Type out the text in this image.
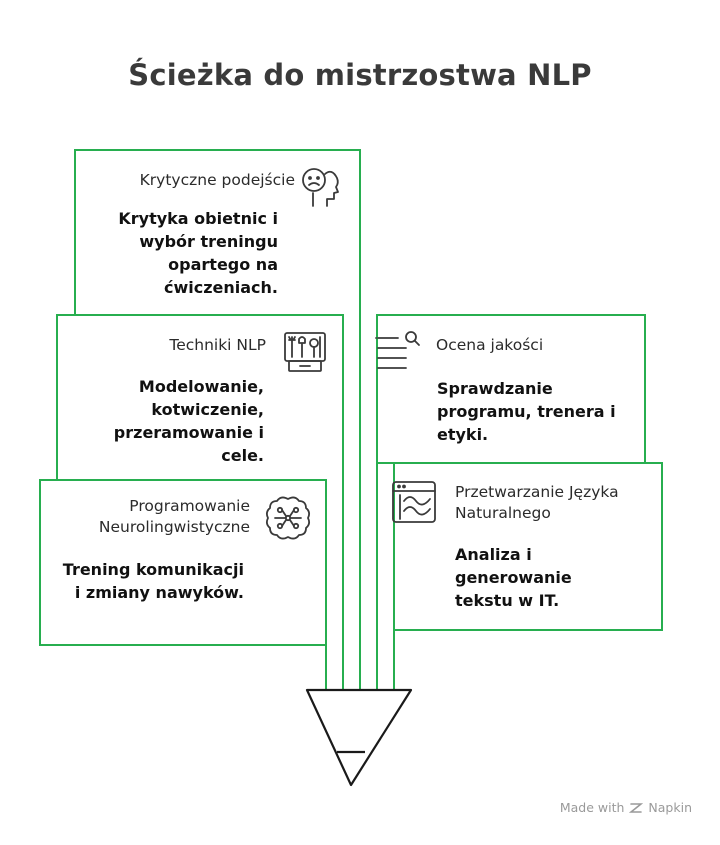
Ścieżka do mistrzostwa NLP
Krytyczne podejście
Krytyka obietnic i wybór treningu opartego na ćwiczeniach.
Techniki NLP
Modelowanie, kotwiczenie, przeramowanie i cele.
Ocena jakości
Sprawdzanie programu, trenera i etyki.
Programowanie Neurolingwistyczne
Trening komunikacji i zmiany nawyków.
Przetwarzanie Języka Naturalnego
Analiza i generowanie tekstu w IT.
Made with Napkin
